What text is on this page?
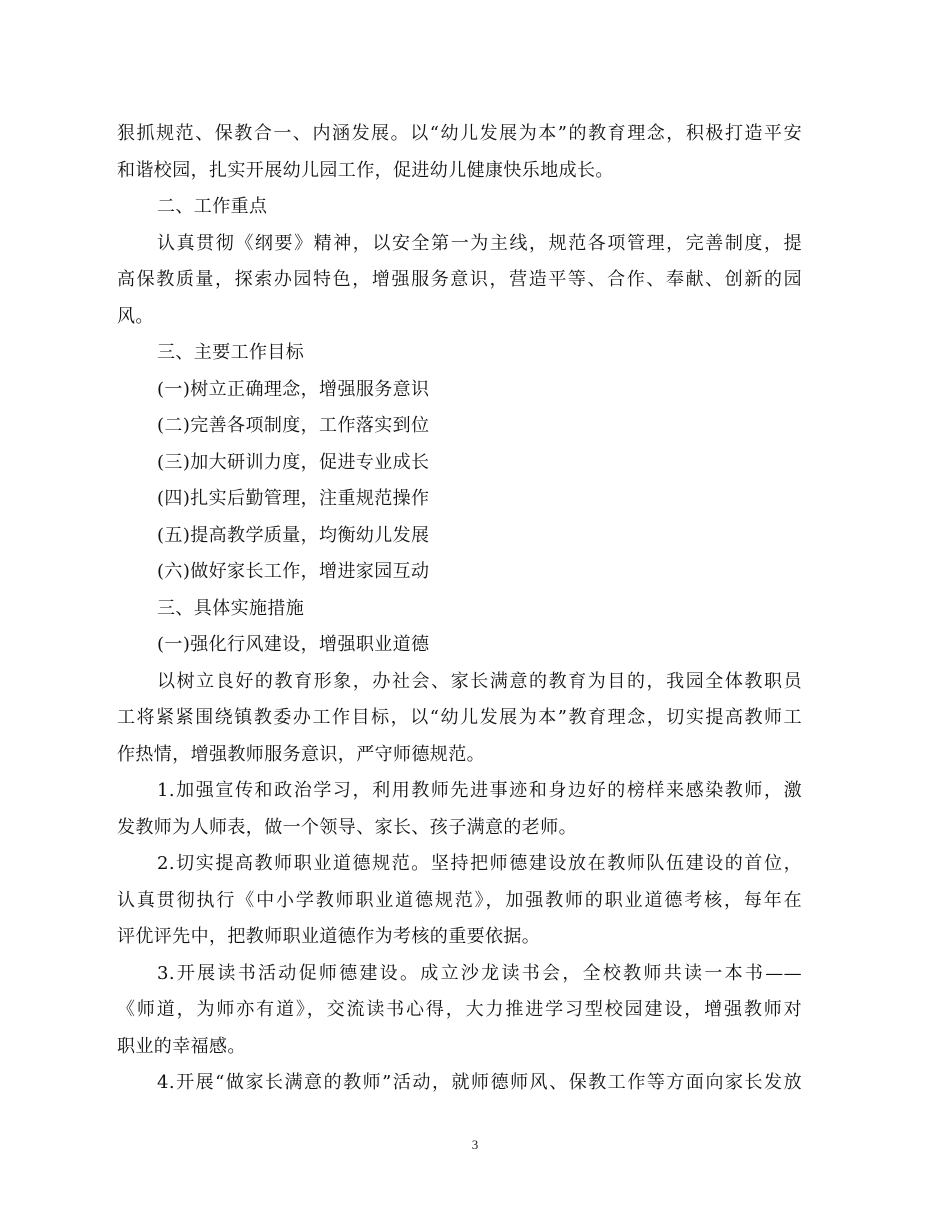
狠抓规范、保教合一、内涵发展。以“幼儿发展为本”的教育理念，积极打造平安

和谐校园，扎实开展幼儿园工作，促进幼儿健康快乐地成长。

二、工作重点

认真贯彻《纲要》精神，以安全第一为主线，规范各项管理，完善制度，提

高保教质量，探索办园特色，增强服务意识，营造平等、合作、奉献、创新的园

风。

三、主要工作目标

(一)树立正确理念，增强服务意识

(二)完善各项制度，工作落实到位

(三)加大研训力度，促进专业成长

(四)扎实后勤管理，注重规范操作

(五)提高教学质量，均衡幼儿发展

(六)做好家长工作，增进家园互动

三、具体实施措施

(一)强化行风建设，增强职业道德

以树立良好的教育形象，办社会、家长满意的教育为目的，我园全体教职员

工将紧紧围绕镇教委办工作目标，以“幼儿发展为本”教育理念，切实提高教师工

作热情，增强教师服务意识，严守师德规范。

1.加强宣传和政治学习，利用教师先进事迹和身边好的榜样来感染教师，激

发教师为人师表，做一个领导、家长、孩子满意的老师。

2.切实提高教师职业道德规范。坚持把师德建设放在教师队伍建设的首位，

认真贯彻执行《中小学教师职业道德规范》，加强教师的职业道德考核，每年在

评优评先中，把教师职业道德作为考核的重要依据。

3.开展读书活动促师德建设。成立沙龙读书会，全校教师共读一本书——

《师道，为师亦有道》，交流读书心得，大力推进学习型校园建设，增强教师对

职业的幸福感。

4.开展“做家长满意的教师”活动，就师德师风、保教工作等方面向家长发放

3
